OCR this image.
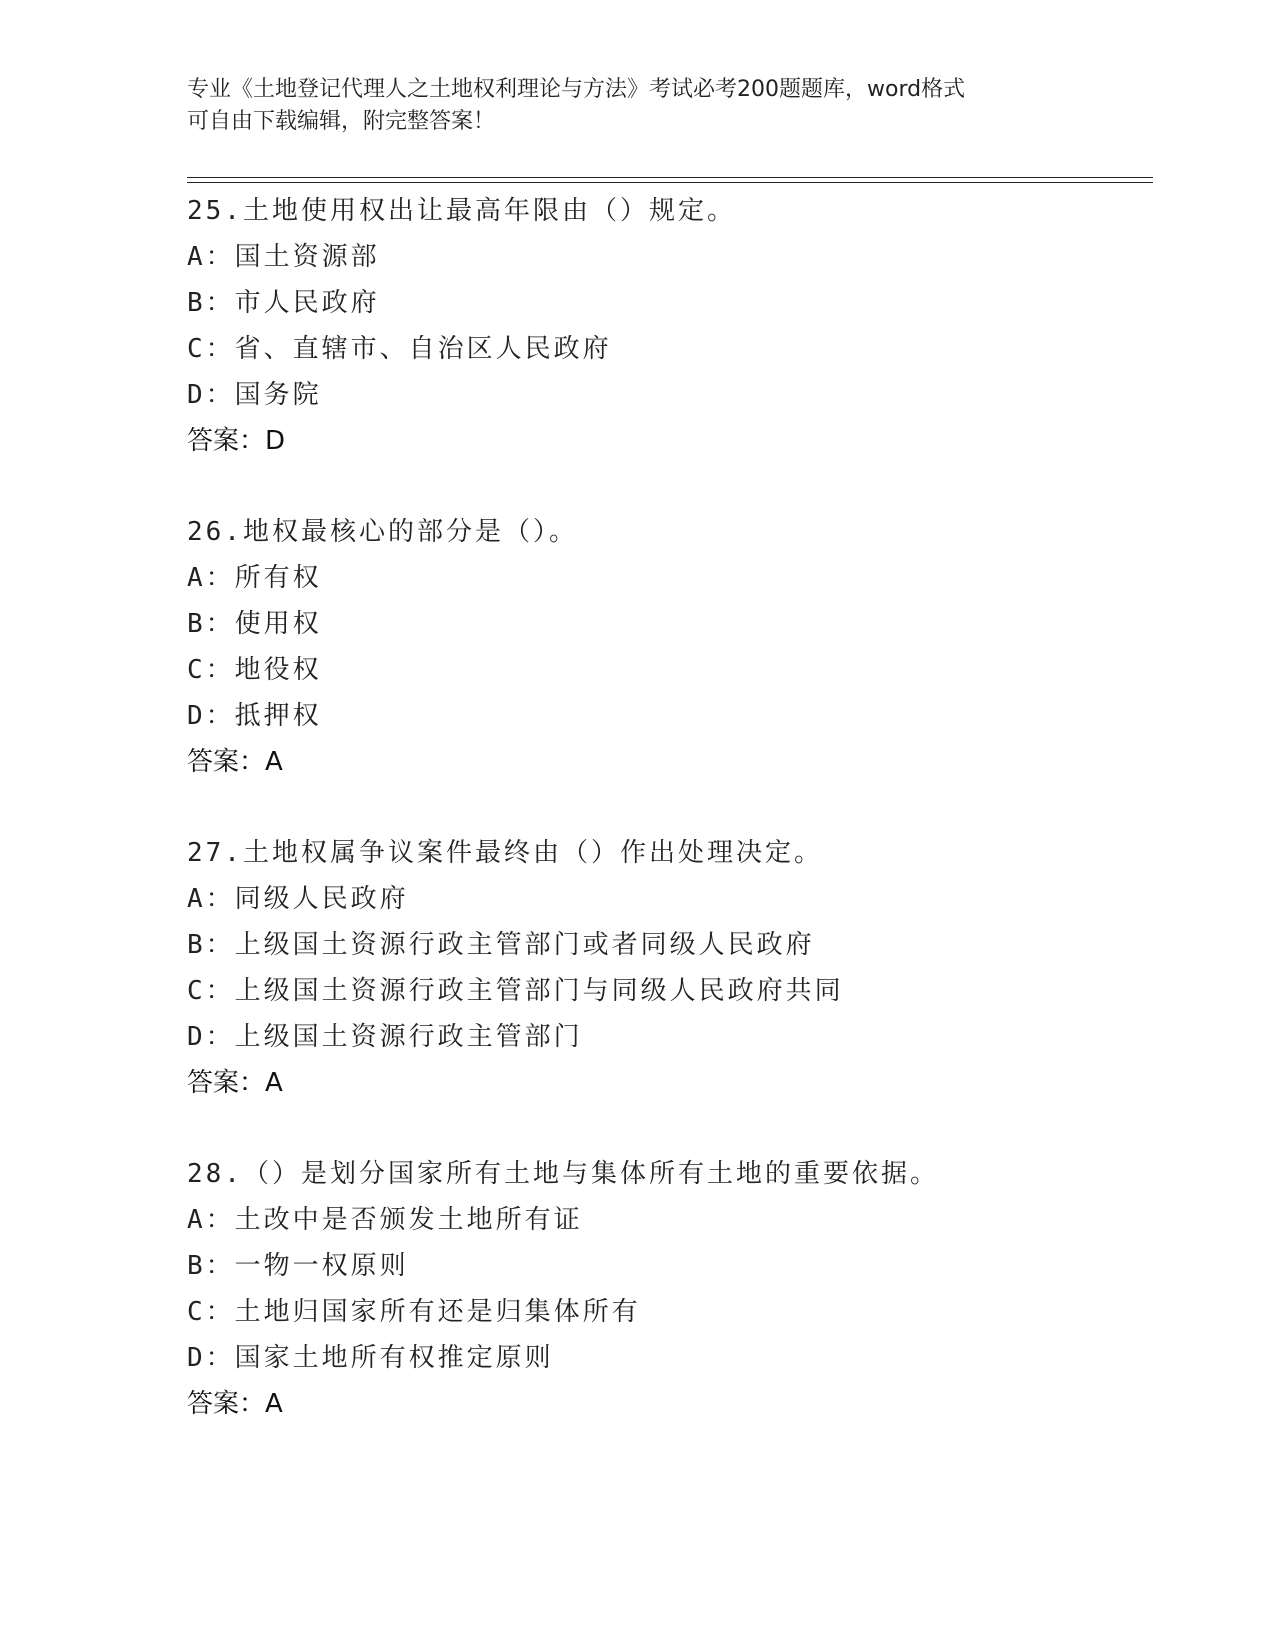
专业《土地登记代理人之土地权利理论与方法》考试必考200题题库，word格式
可自由下载编辑，附完整答案！
25.土地使用权出让最高年限由（）规定。
A：国土资源部
B：市人民政府
C：省、直辖市、自治区人民政府
D：国务院
答案：D
26.地权最核心的部分是（）。
A：所有权
B：使用权
C：地役权
D：抵押权
答案：A
27.土地权属争议案件最终由（）作出处理决定。
A：同级人民政府
B：上级国土资源行政主管部门或者同级人民政府
C：上级国土资源行政主管部门与同级人民政府共同
D：上级国土资源行政主管部门
答案：A
28.（）是划分国家所有土地与集体所有土地的重要依据。
A：土改中是否颁发土地所有证
B：一物一权原则
C：土地归国家所有还是归集体所有
D：国家土地所有权推定原则
答案：A
